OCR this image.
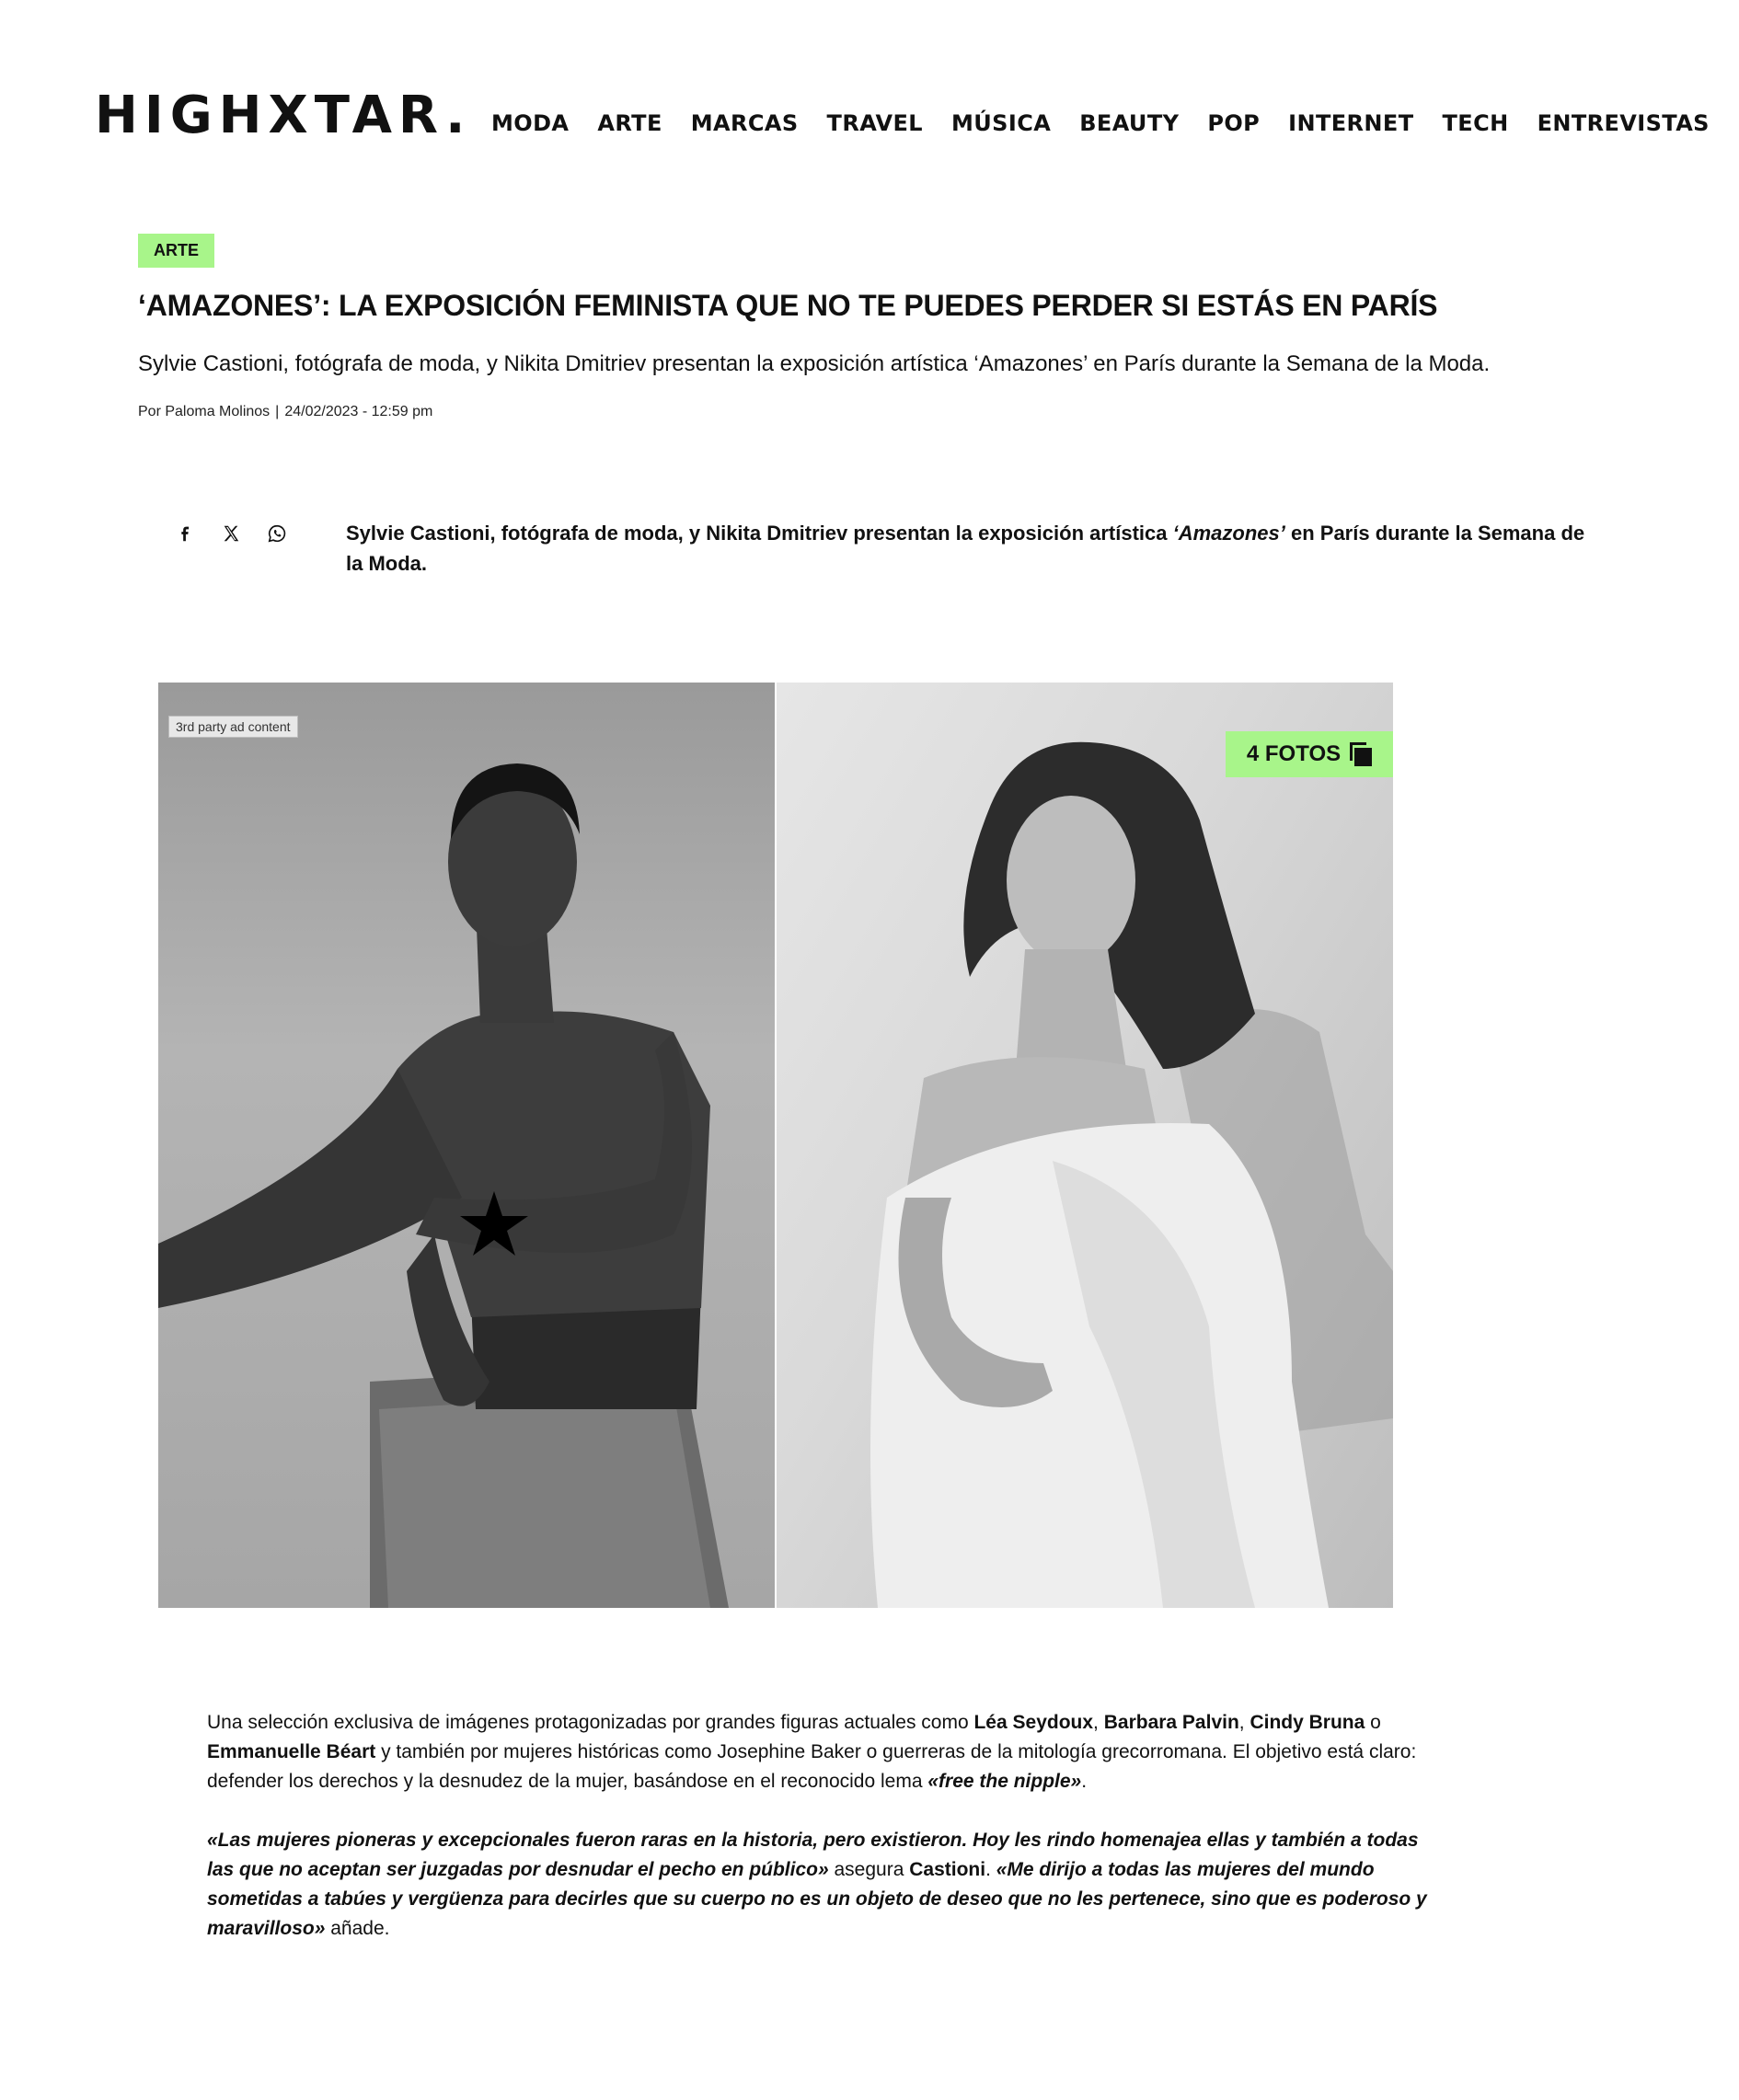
HIGHXTAR. MODA ARTE MARCAS TRAVEL MÚSICA BEAUTY POP INTERNET TECH ENTREVISTAS
ARTE
‘AMAZONES’: LA EXPOSICIÓN FEMINISTA QUE NO TE PUEDES PERDER SI ESTÁS EN PARÍS

Sylvie Castioni, fotógrafa de moda, y Nikita Dmitriev presentan la exposición artística ‘Amazones’ en París durante la Semana de la Moda.

Por Paloma Molinos | 24/02/2023 - 12:59 pm

Sylvie Castioni, fotógrafa de moda, y Nikita Dmitriev presentan la exposición artística ‘Amazones’ en París durante la Semana de la Moda.

3rd party ad content
4 FOTOS

Una selección exclusiva de imágenes protagonizadas por grandes figuras actuales como Léa Seydoux, Barbara Palvin, Cindy Bruna o Emmanuelle Béart y también por mujeres históricas como Josephine Baker o guerreras de la mitología grecorromana. El objetivo está claro: defender los derechos y la desnudez de la mujer, basándose en el reconocido lema «free the nipple».

«Las mujeres pioneras y excepcionales fueron raras en la historia, pero existieron. Hoy les rindo homenajea ellas y también a todas las que no aceptan ser juzgadas por desnudar el pecho en público» asegura Castioni. «Me dirijo a todas las mujeres del mundo sometidas a tabúes y vergüenza para decirles que su cuerpo no es un objeto de deseo que no les pertenece, sino que es poderoso y maravilloso» añade.
